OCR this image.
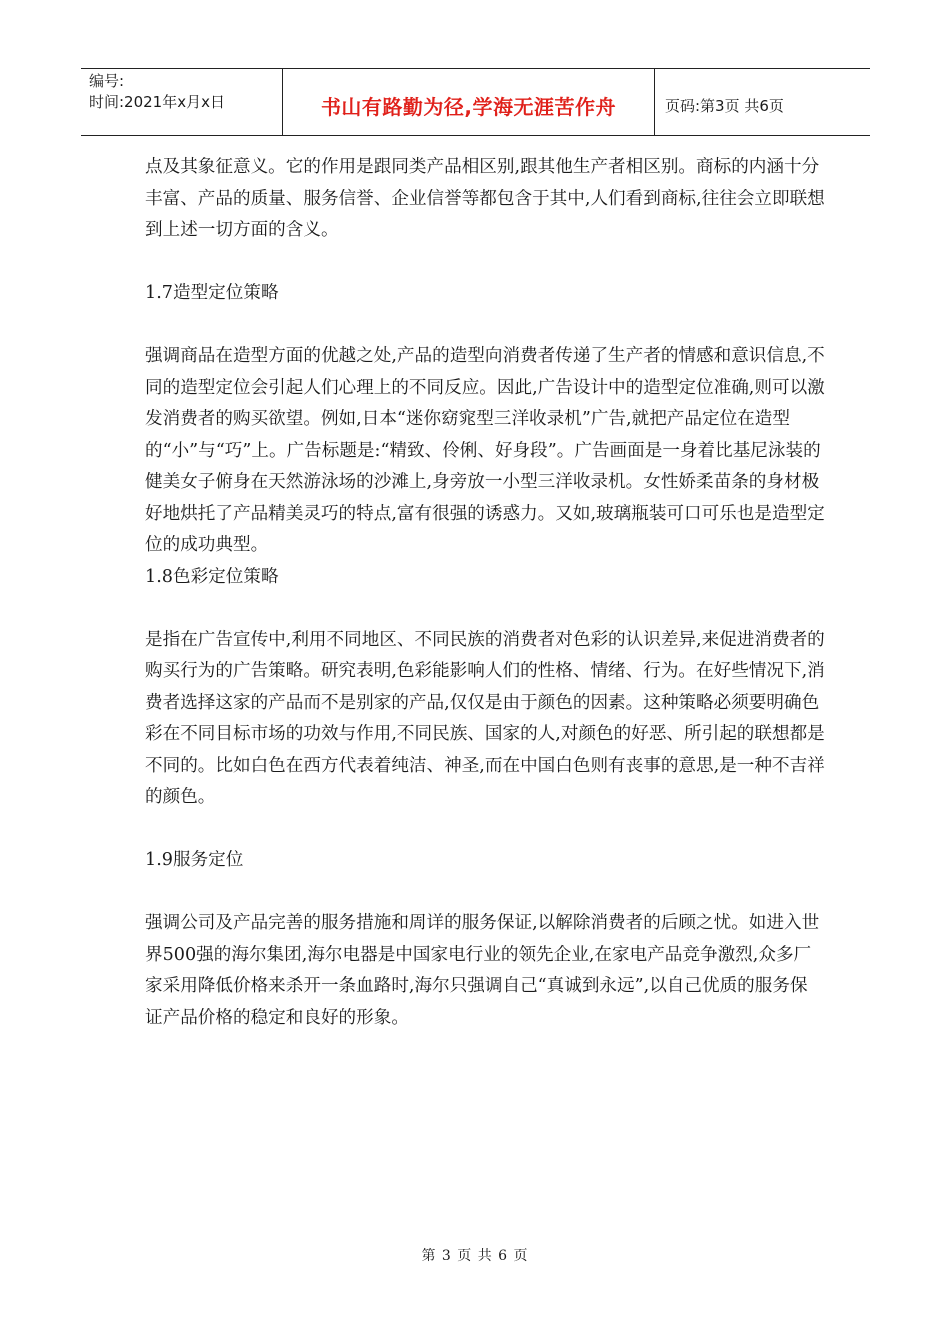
编号:
时间:2021年x月x日	书山有路勤为径,学海无涯苦作舟	页码:第3页 共6页

点及其象征意义。它的作用是跟同类产品相区别,跟其他生产者相区别。商标的内涵十分丰富、产品的质量、服务信誉、企业信誉等都包含于其中,人们看到商标,往往会立即联想到上述一切方面的含义。

1.7造型定位策略

强调商品在造型方面的优越之处,产品的造型向消费者传递了生产者的情感和意识信息,不同的造型定位会引起人们心理上的不同反应。因此,广告设计中的造型定位准确,则可以激发消费者的购买欲望。例如,日本“迷你窈窕型三洋收录机”广告,就把产品定位在造型的“小”与“巧”上。广告标题是:“精致、伶俐、好身段”。广告画面是一身着比基尼泳装的健美女子俯身在天然游泳场的沙滩上,身旁放一小型三洋收录机。女性娇柔苗条的身材极好地烘托了产品精美灵巧的特点,富有很强的诱惑力。又如,玻璃瓶装可口可乐也是造型定位的成功典型。

1.8色彩定位策略

是指在广告宣传中,利用不同地区、不同民族的消费者对色彩的认识差异,来促进消费者的购买行为的广告策略。研究表明,色彩能影响人们的性格、情绪、行为。在好些情况下,消费者选择这家的产品而不是别家的产品,仅仅是由于颜色的因素。这种策略必须要明确色彩在不同目标市场的功效与作用,不同民族、国家的人,对颜色的好恶、所引起的联想都是不同的。比如白色在西方代表着纯洁、神圣,而在中国白色则有丧事的意思,是一种不吉祥的颜色。

1.9服务定位

强调公司及产品完善的服务措施和周详的服务保证,以解除消费者的后顾之忧。如进入世界500强的海尔集团,海尔电器是中国家电行业的领先企业,在家电产品竞争激烈,众多厂家采用降低价格来杀开一条血路时,海尔只强调自己“真诚到永远”,以自己优质的服务保证产品价格的稳定和良好的形象。

第 3 页 共 6 页
